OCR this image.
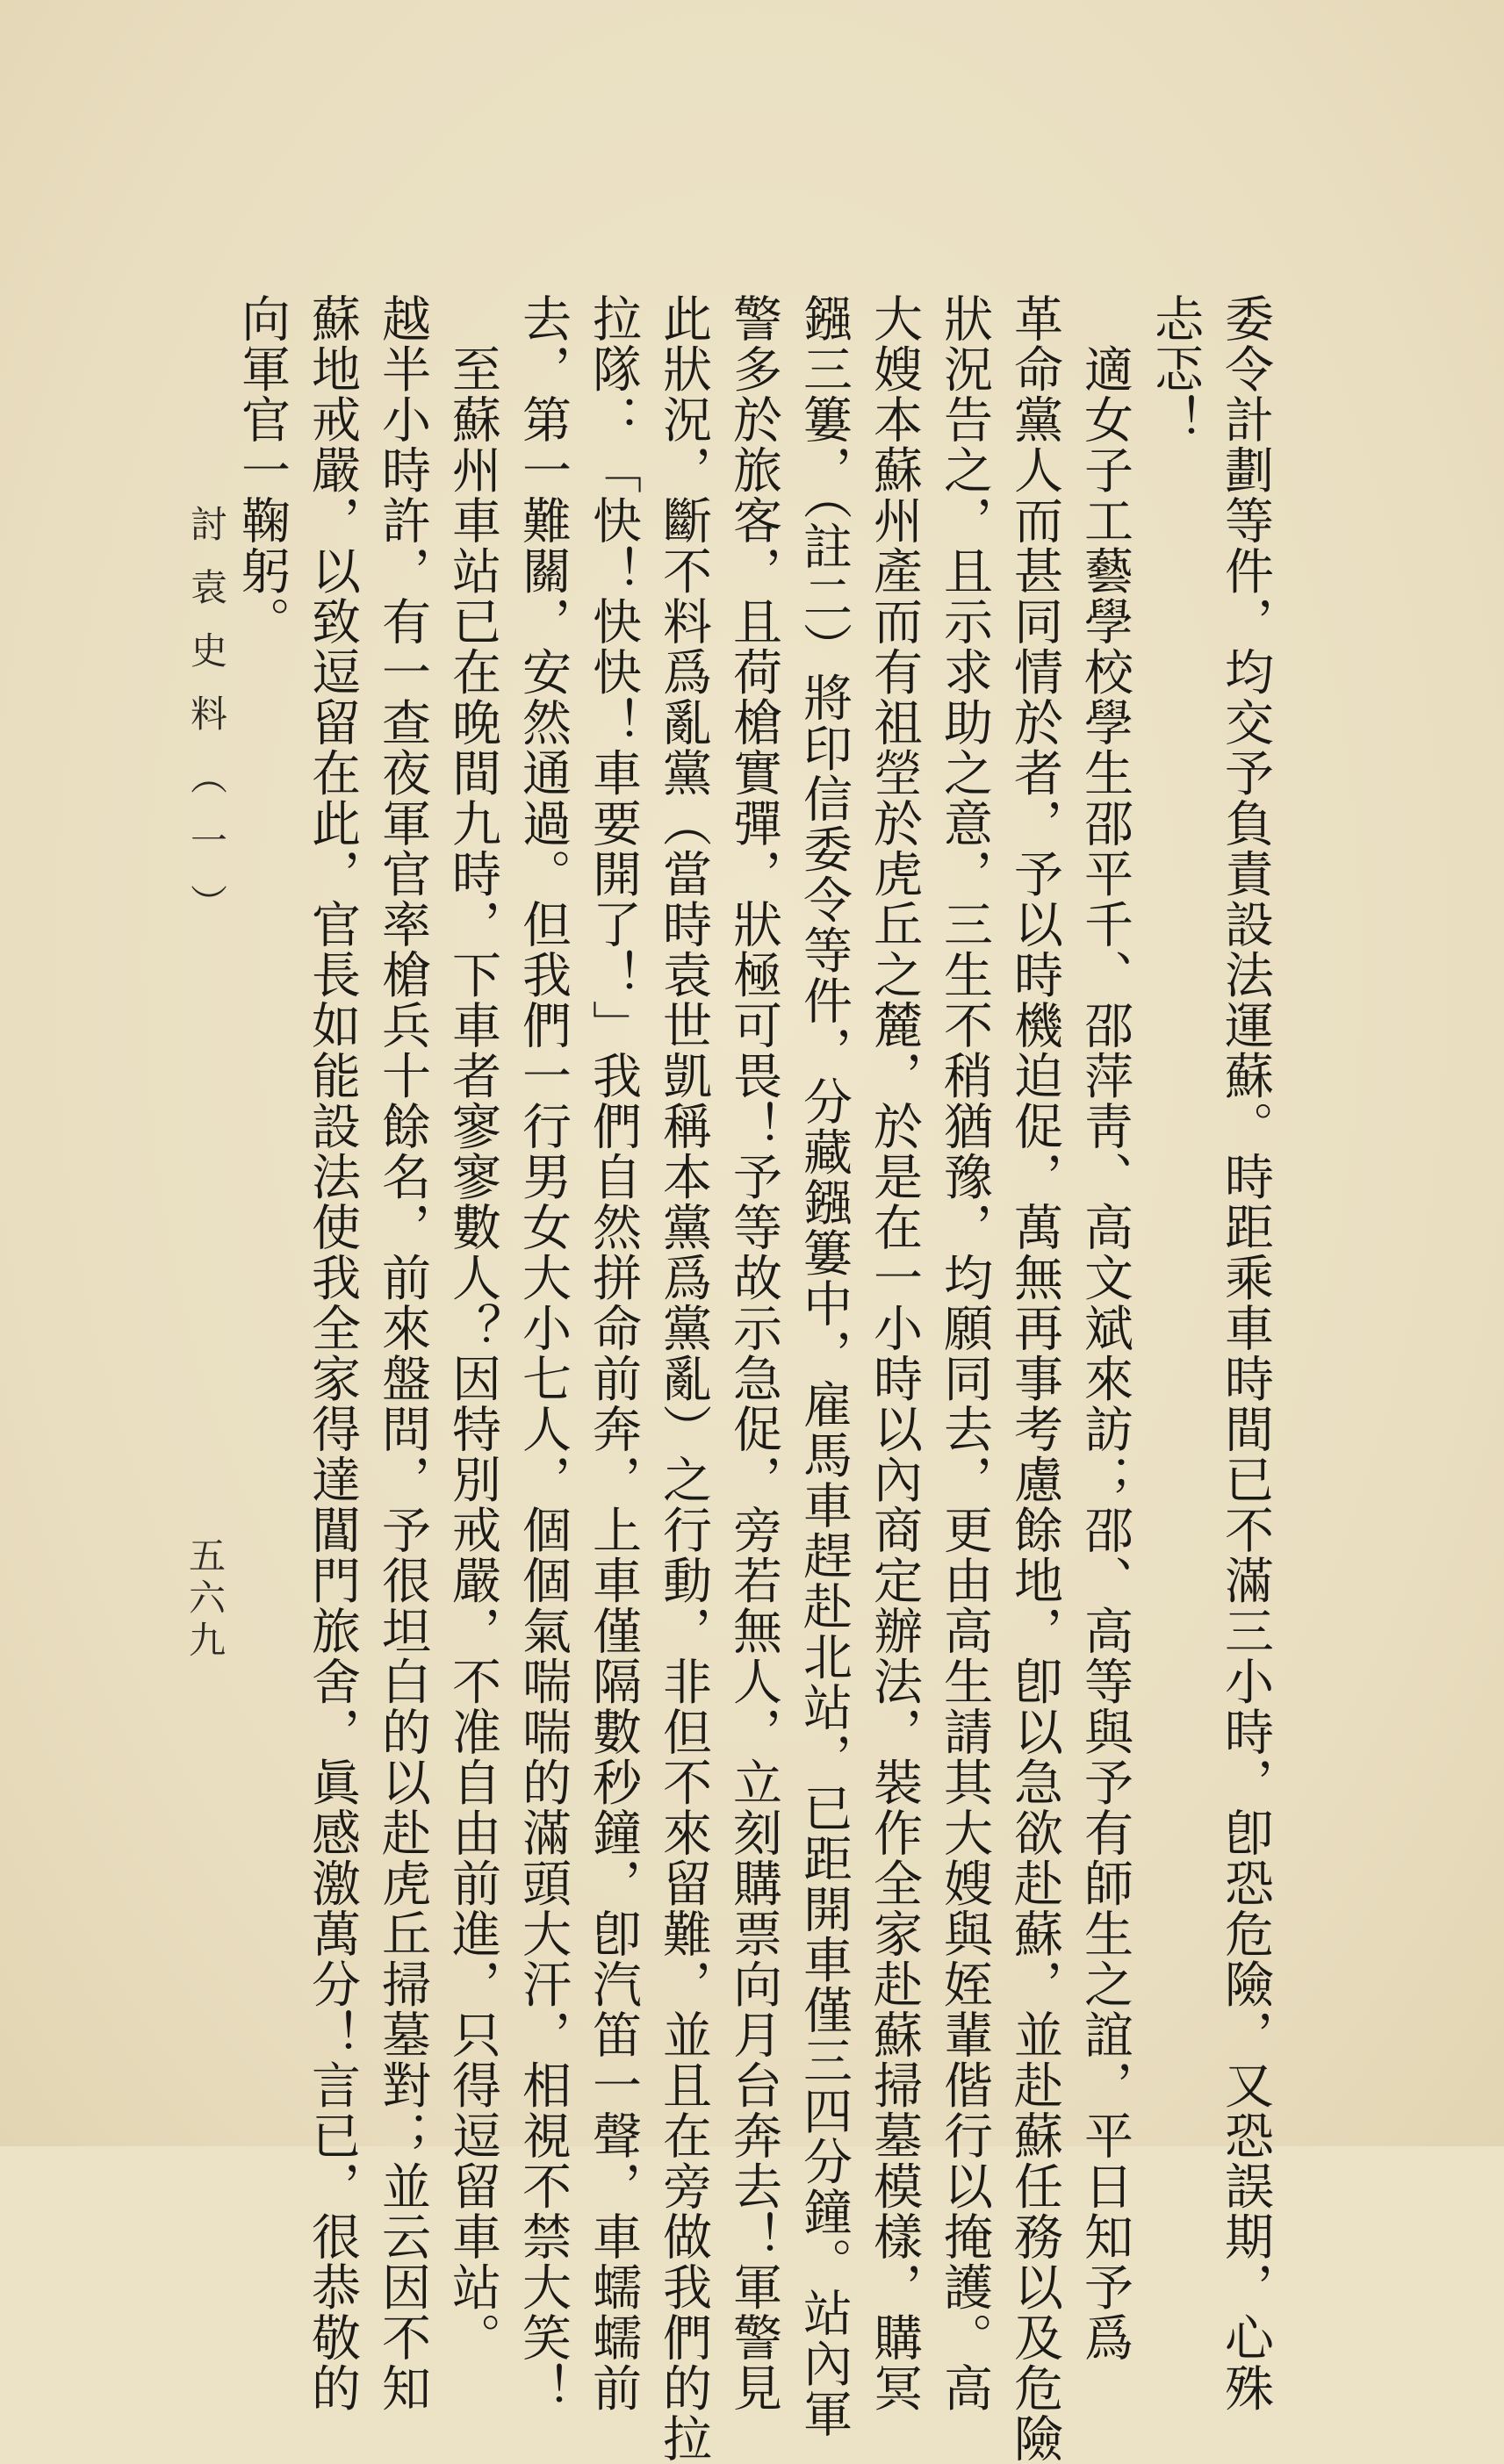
委令計劃等件，均交予負責設法運蘇。時距乘車時間已不滿三小時，卽恐危險，又恐誤期，心殊
忐忑！
　適女子工藝學校學生邵平千、邵萍靑、高文斌來訪；邵、高等與予有師生之誼，平日知予爲
革命黨人而甚同情於者，予以時機迫促，萬無再事考慮餘地，卽以急欲赴蘇，並赴蘇任務以及危險
狀況告之，且示求助之意，三生不稍猶豫，均願同去，更由高生請其大嫂與姪輩偕行以掩護。高
大嫂本蘇州產而有祖塋於虎丘之麓，於是在一小時以內商定辦法，裝作全家赴蘇掃墓模樣，購冥
鏹三簍，（註二）將印信委令等件，分藏鏹簍中，雇馬車趕赴北站，已距開車僅三四分鐘。站內軍
警多於旅客，且荷槍實彈，狀極可畏！予等故示急促，旁若無人，立刻購票向月台奔去！軍警見
此狀況，斷不料爲亂黨（當時袁世凱稱本黨爲黨亂）之行動，非但不來留難，並且在旁做我們的拉
拉隊：「快！快快！車要開了！」我們自然拼命前奔，上車僅隔數秒鐘，卽汽笛一聲，車蠕蠕前
去，第一難關，安然通過。但我們一行男女大小七人，個個氣喘喘的滿頭大汗，相視不禁大笑！
　至蘇州車站已在晚間九時，下車者寥寥數人？因特別戒嚴，不准自由前進，只得逗留車站。
越半小時許，有一查夜軍官率槍兵十餘名，前來盤問，予很坦白的以赴虎丘掃墓對；並云因不知
蘇地戒嚴，以致逗留在此，官長如能設法使我全家得達閶門旅舍，眞感激萬分！言已，很恭敬的
向軍官一鞠躬。
討袁史料（一）
五六九
